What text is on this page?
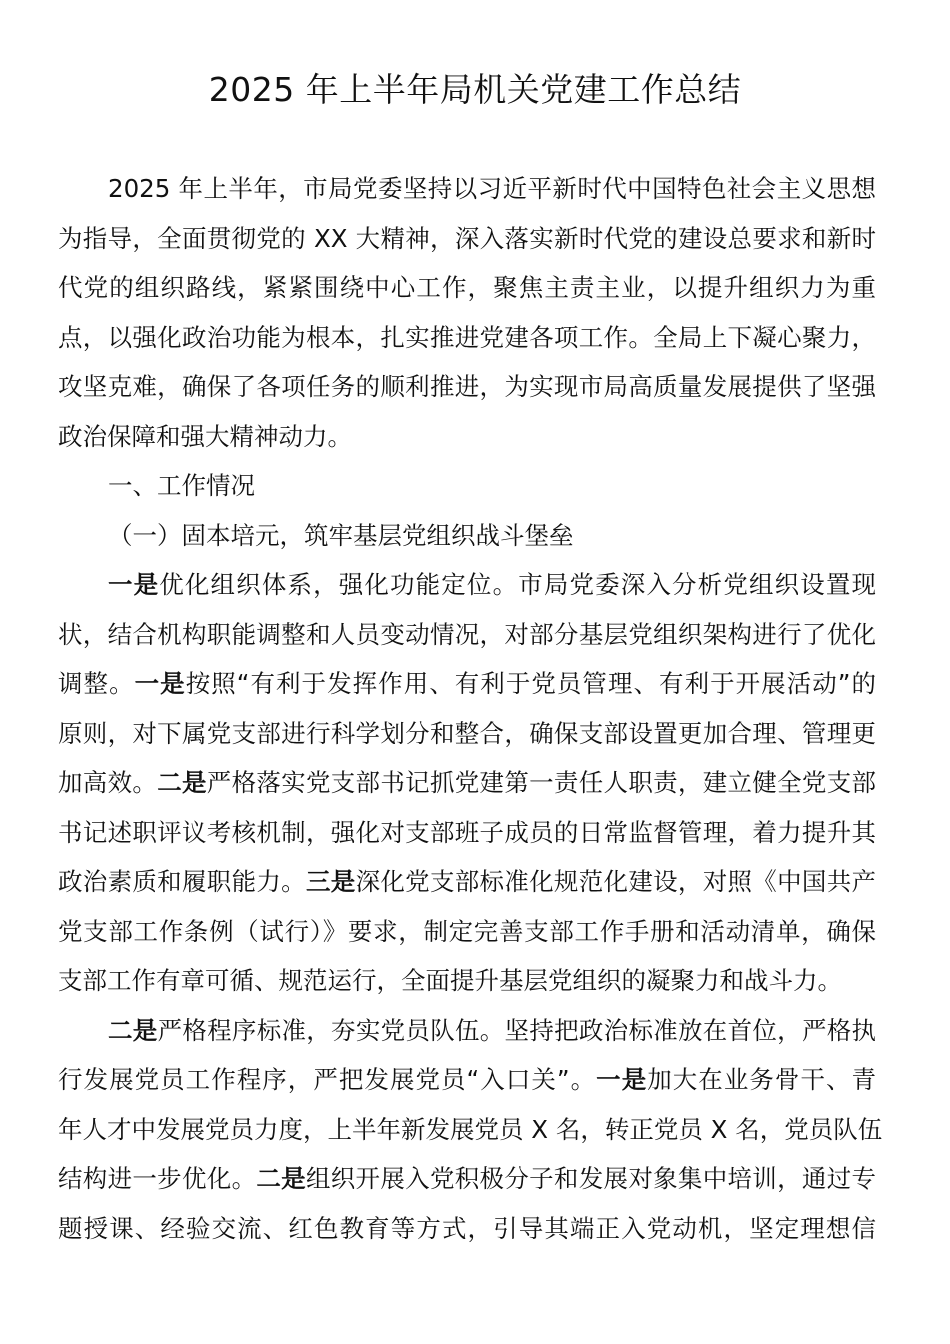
2025 年上半年局机关党建工作总结
2025 年上半年，市局党委坚持以习近平新时代中国特色社会主义思想
为指导，全面贯彻党的 XX 大精神，深入落实新时代党的建设总要求和新时
代党的组织路线，紧紧围绕中心工作，聚焦主责主业，以提升组织力为重
点，以强化政治功能为根本，扎实推进党建各项工作。全局上下凝心聚力，
攻坚克难，确保了各项任务的顺利推进，为实现市局高质量发展提供了坚强
政治保障和强大精神动力。
一、工作情况
（一）固本培元，筑牢基层党组织战斗堡垒
一是优化组织体系，强化功能定位。市局党委深入分析党组织设置现
状，结合机构职能调整和人员变动情况，对部分基层党组织架构进行了优化
调整。一是按照“有利于发挥作用、有利于党员管理、有利于开展活动”的
原则，对下属党支部进行科学划分和整合，确保支部设置更加合理、管理更
加高效。二是严格落实党支部书记抓党建第一责任人职责，建立健全党支部
书记述职评议考核机制，强化对支部班子成员的日常监督管理，着力提升其
政治素质和履职能力。三是深化党支部标准化规范化建设，对照《中国共产
党支部工作条例（试行）》要求，制定完善支部工作手册和活动清单，确保
支部工作有章可循、规范运行，全面提升基层党组织的凝聚力和战斗力。
二是严格程序标准，夯实党员队伍。坚持把政治标准放在首位，严格执
行发展党员工作程序，严把发展党员“入口关”。一是加大在业务骨干、青
年人才中发展党员力度，上半年新发展党员 X 名，转正党员 X 名，党员队伍
结构进一步优化。二是组织开展入党积极分子和发展对象集中培训，通过专
题授课、经验交流、红色教育等方式，引导其端正入党动机，坚定理想信
